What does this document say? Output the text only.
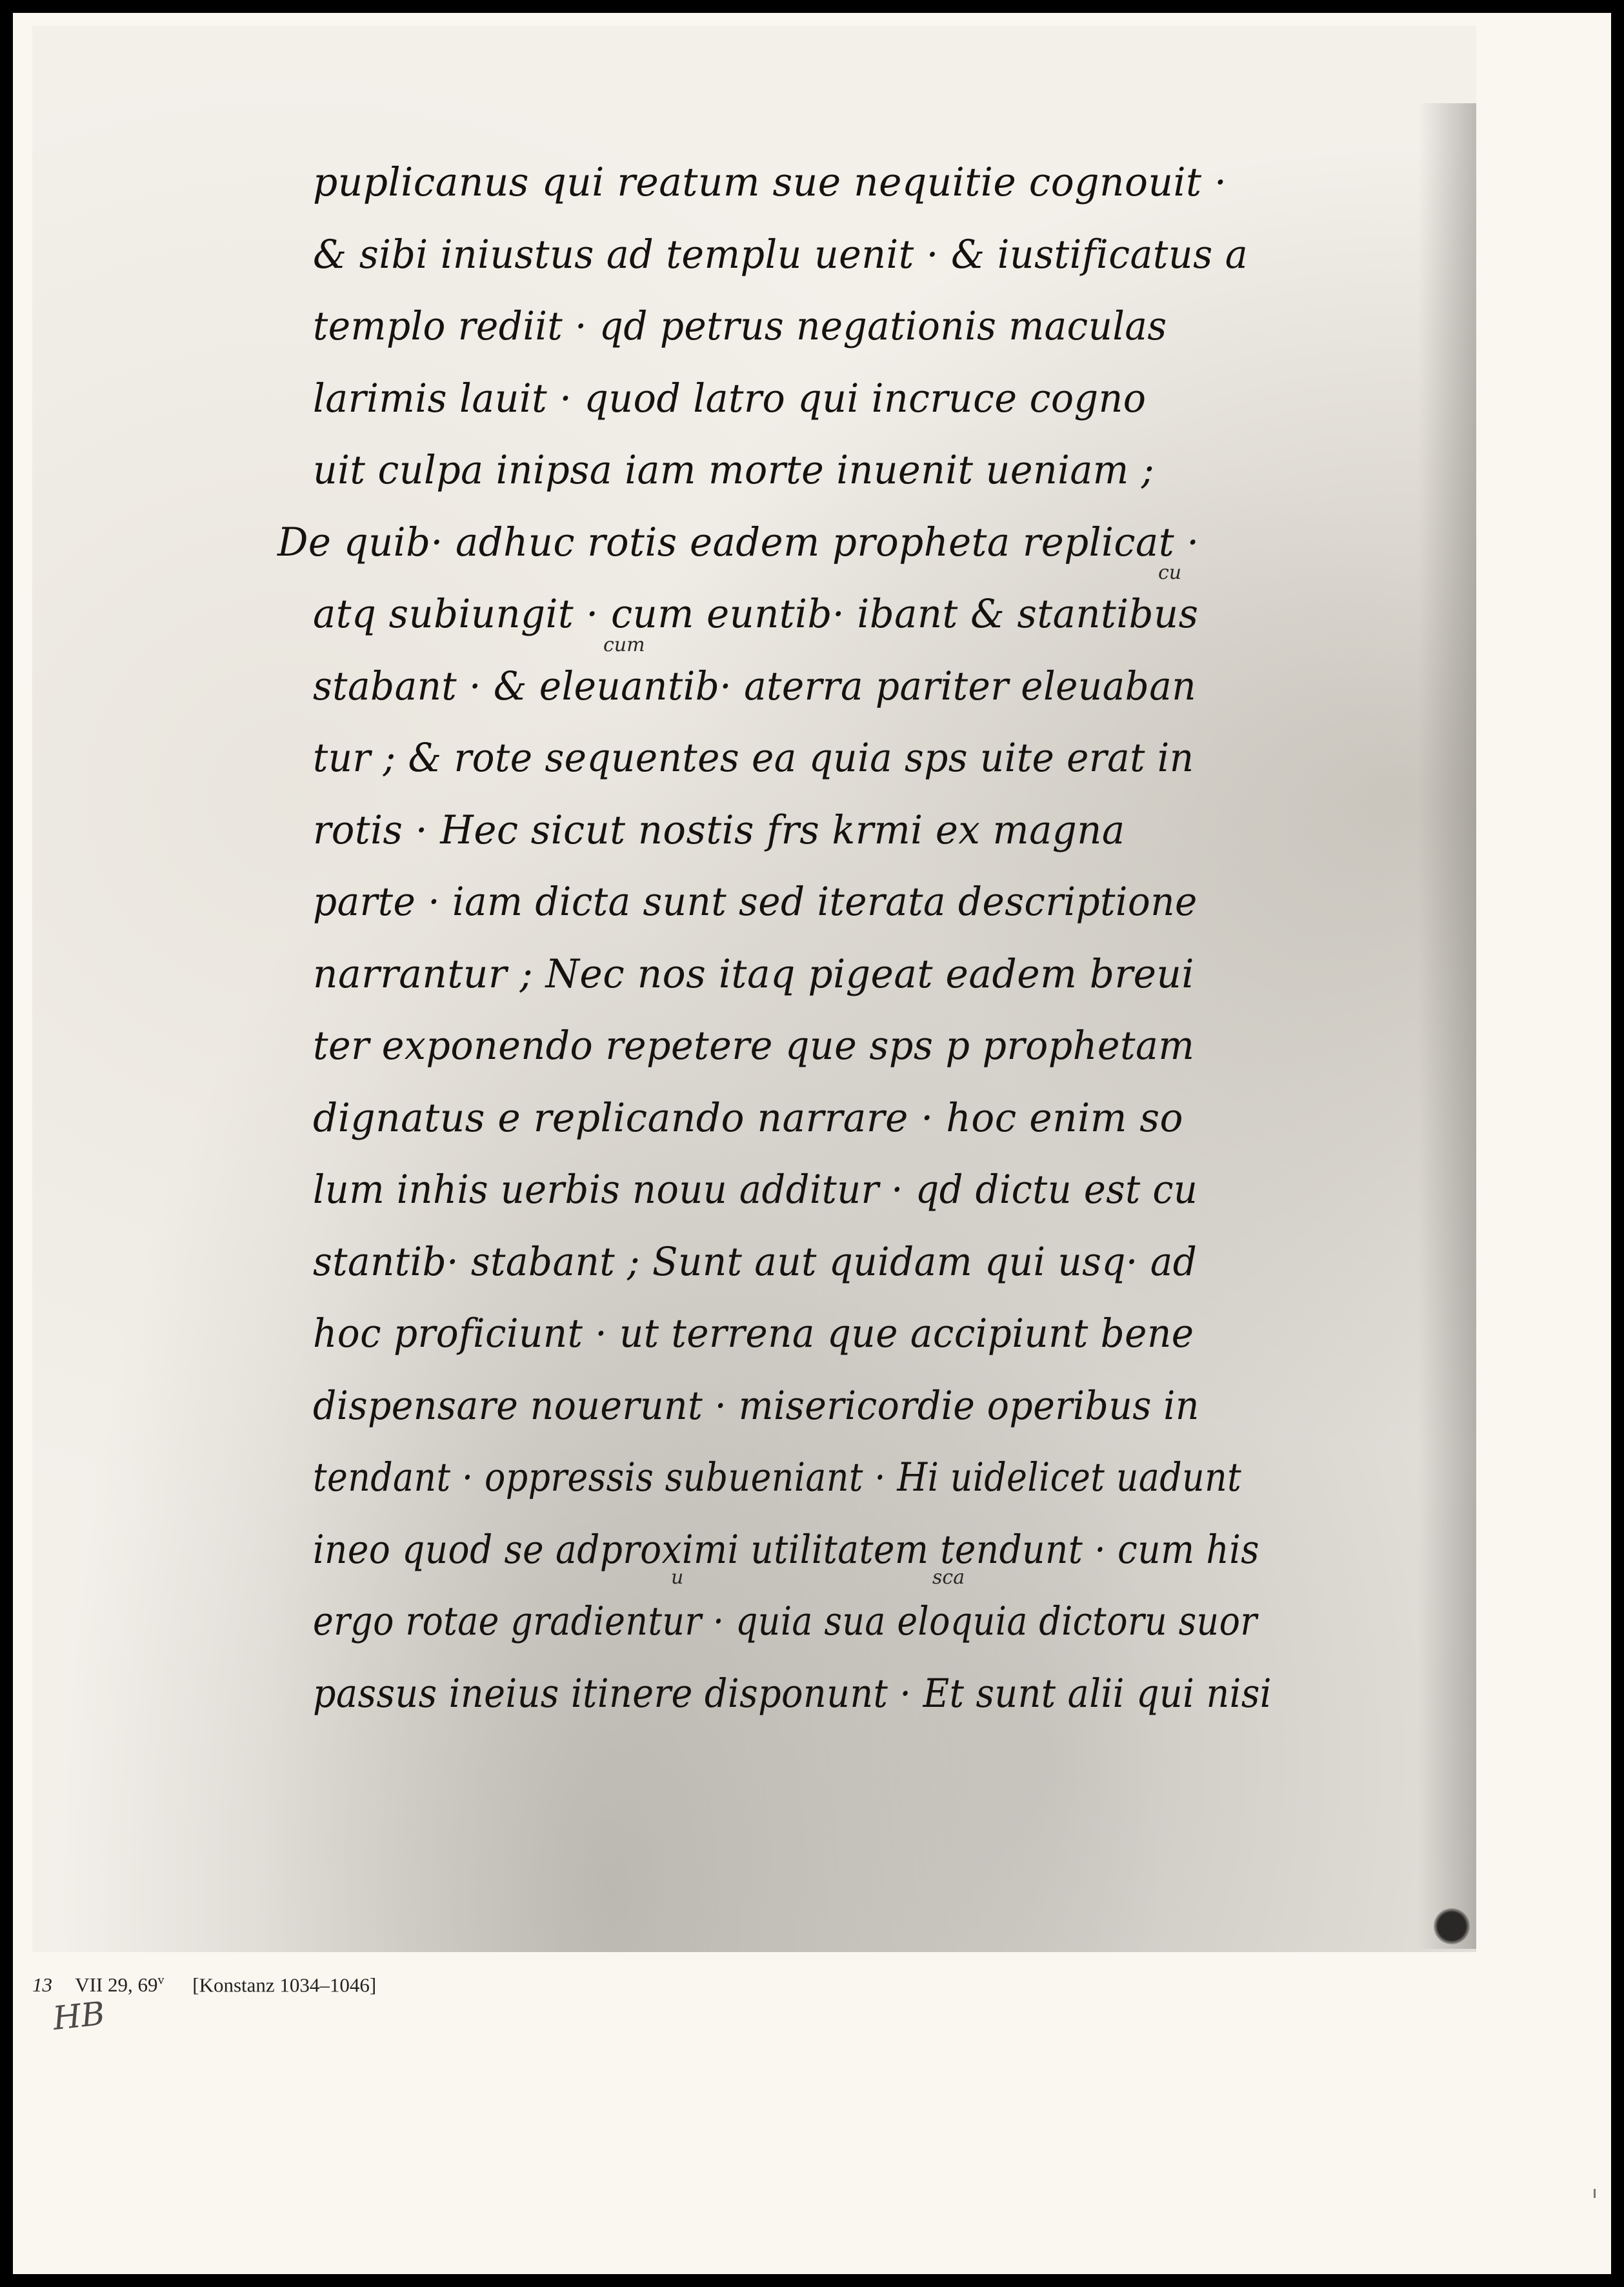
puplicanus qui reatum sue nequitie cognouit ·
& sibi iniustus ad templu uenit · & iustificatus a
templo rediit · qd petrus negationis maculas
larimis lauit · quod latro qui incruce cogno
uit culpa inipsa iam morte inuenit ueniam ;
De quib· adhuc rotis eadem propheta replicat ·
cu
atq subiungit · cum euntib· ibant & stantibus
cum
stabant · & eleuantib· aterra pariter eleuaban
tur ; & rote sequentes ea quia sps uite erat in
rotis · Hec sicut nostis frs krmi ex magna
parte · iam dicta sunt sed iterata descriptione
narrantur ; Nec nos itaq pigeat eadem breui
ter exponendo repetere que sps p prophetam
dignatus e replicando narrare · hoc enim so
lum inhis uerbis nouu additur · qd dictu est cu
stantib· stabant ; Sunt aut quidam qui usq· ad
hoc proficiunt · ut terrena que accipiunt bene
dispensare nouerunt · misericordie operibus in
tendant · oppressis subueniant · Hi uidelicet uadunt
ineo quod se adproximi utilitatem tendunt · cum his
u	sca
ergo rotae gradientur · quia sua eloquia dictoru suor
passus ineius itinere disponunt · Et sunt alii qui nisi
13 VII 29, 69$^v$ [Konstanz 1034–1046]
HB
